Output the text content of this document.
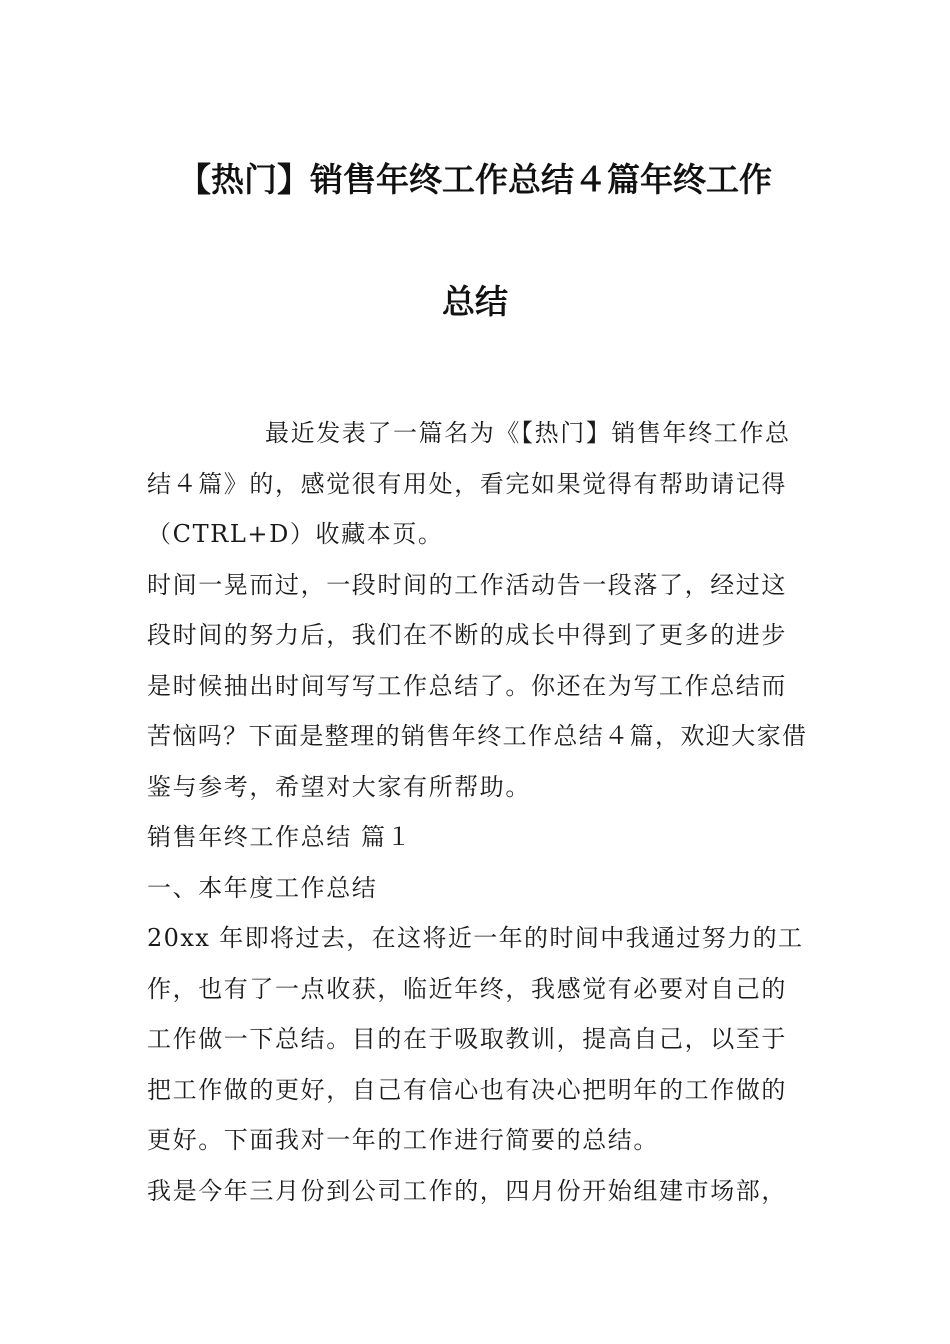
【热门】销售年终工作总结４篇年终工作
总结

最近发表了一篇名为《【热门】销售年终工作总
结４篇》的，感觉很有用处，看完如果觉得有帮助请记得
（CTRL+D）收藏本页。

时间一晃而过，一段时间的工作活动告一段落了，经过这
段时间的努力后，我们在不断的成长中得到了更多的进步
是时候抽出时间写写工作总结了。你还在为写工作总结而
苦恼吗？下面是整理的销售年终工作总结４篇，欢迎大家借
鉴与参考，希望对大家有所帮助。

销售年终工作总结 篇１

一、本年度工作总结

20xx 年即将过去，在这将近一年的时间中我通过努力的工
作，也有了一点收获，临近年终，我感觉有必要对自己的
工作做一下总结。目的在于吸取教训，提高自己，以至于
把工作做的更好，自己有信心也有决心把明年的工作做的
更好。下面我对一年的工作进行简要的总结。

我是今年三月份到公司工作的，四月份开始组建市场部，
